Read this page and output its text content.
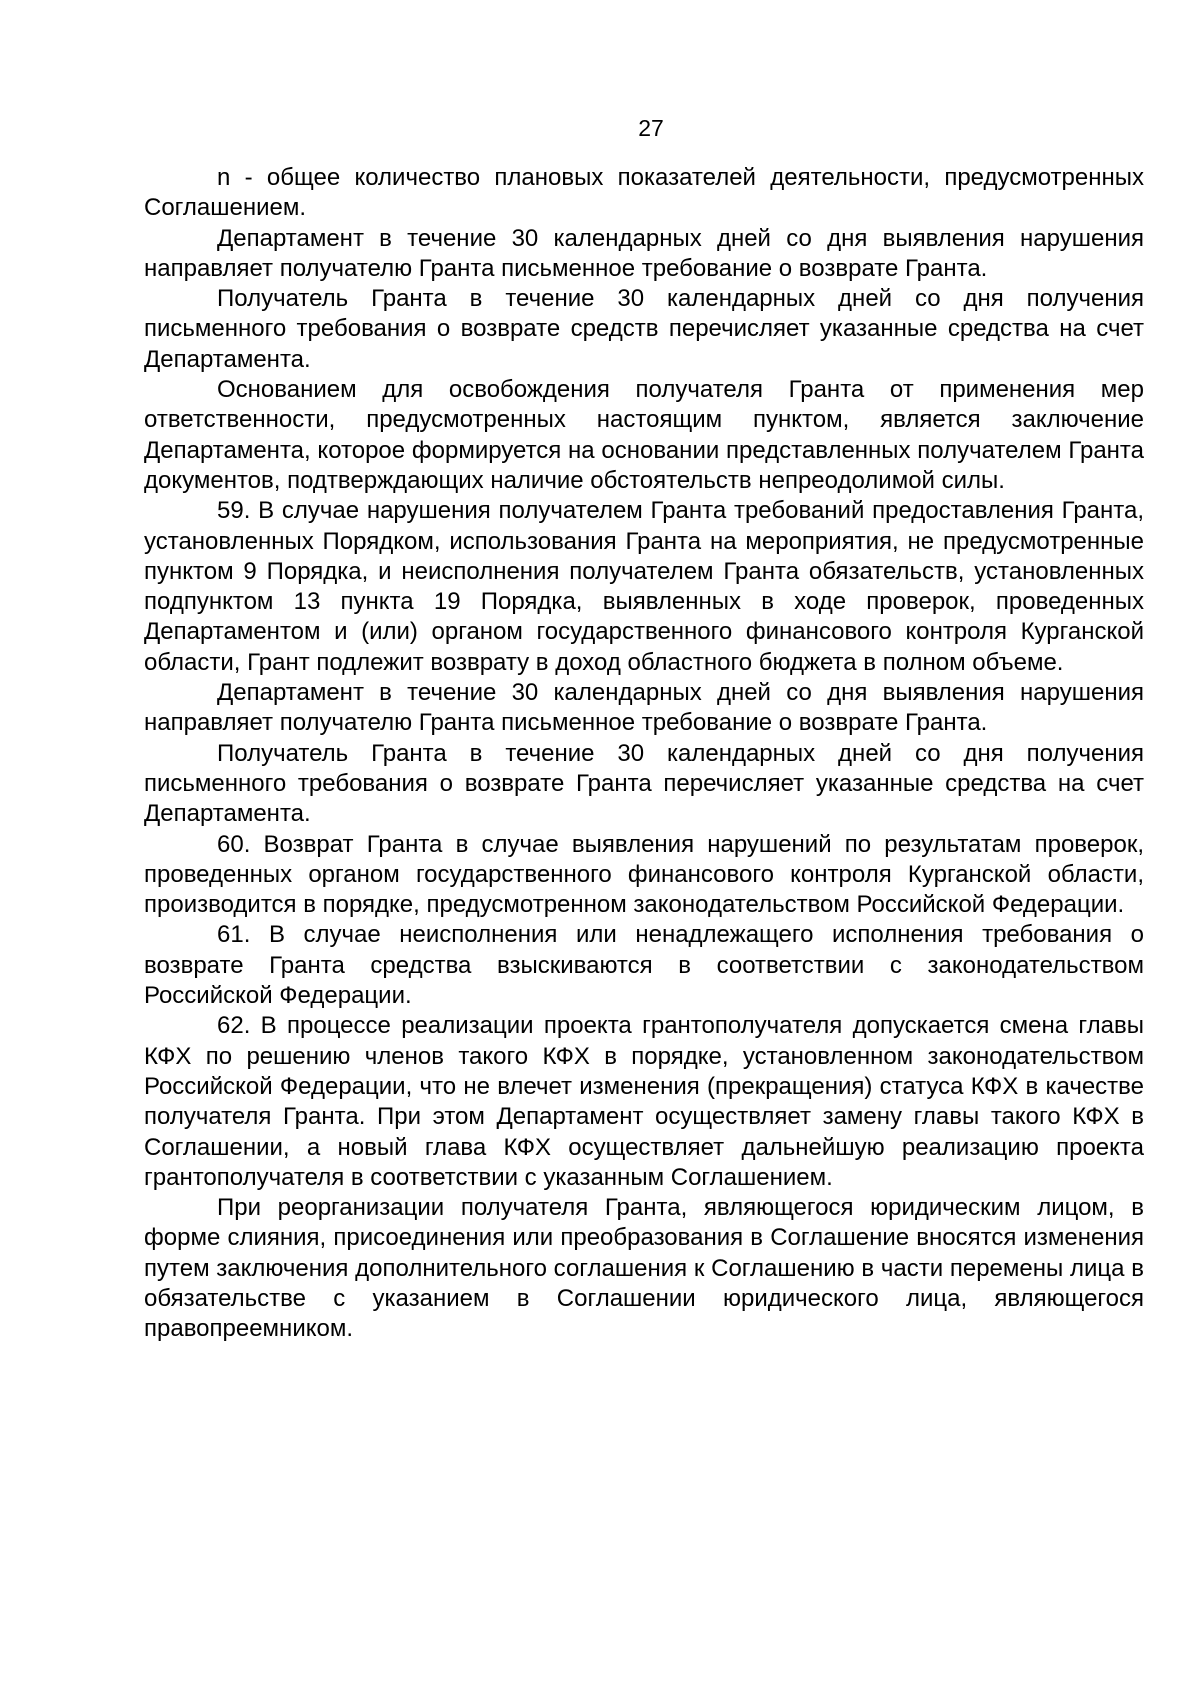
27

n - общее количество плановых показателей деятельности, предусмотренных Соглашением.

Департамент в течение 30 календарных дней со дня выявления нарушения направляет получателю Гранта письменное требование о возврате Гранта.

Получатель Гранта в течение 30 календарных дней со дня получения письменного требования о возврате средств перечисляет указанные средства на счет Департамента.

Основанием для освобождения получателя Гранта от применения мер ответственности, предусмотренных настоящим пунктом, является заключение Департамента, которое формируется на основании представленных получателем Гранта документов, подтверждающих наличие обстоятельств непреодолимой силы.

59. В случае нарушения получателем Гранта требований предоставления Гранта, установленных Порядком, использования Гранта на мероприятия, не предусмотренные пунктом 9 Порядка, и неисполнения получателем Гранта обязательств, установленных подпунктом 13 пункта 19 Порядка, выявленных в ходе проверок, проведенных Департаментом и (или) органом государственного финансового контроля Курганской области, Грант подлежит возврату в доход областного бюджета в полном объеме.

Департамент в течение 30 календарных дней со дня выявления нарушения направляет получателю Гранта письменное требование о возврате Гранта.

Получатель Гранта в течение 30 календарных дней со дня получения письменного требования о возврате Гранта перечисляет указанные средства на счет Департамента.

60. Возврат Гранта в случае выявления нарушений по результатам проверок, проведенных органом государственного финансового контроля Курганской области, производится в порядке, предусмотренном законодательством Российской Федерации.

61. В случае неисполнения или ненадлежащего исполнения требования о возврате Гранта средства взыскиваются в соответствии с законодательством Российской Федерации.

62. В процессе реализации проекта грантополучателя допускается смена главы КФХ по решению членов такого КФХ в порядке, установленном законодательством Российской Федерации, что не влечет изменения (прекращения) статуса КФХ в качестве получателя Гранта. При этом Департамент осуществляет замену главы такого КФХ в Соглашении, а новый глава КФХ осуществляет дальнейшую реализацию проекта грантополучателя в соответствии с указанным Соглашением.

При реорганизации получателя Гранта, являющегося юридическим лицом, в форме слияния, присоединения или преобразования в Соглашение вносятся изменения путем заключения дополнительного соглашения к Соглашению в части перемены лица в обязательстве с указанием в Соглашении юридического лица, являющегося правопреемником.
